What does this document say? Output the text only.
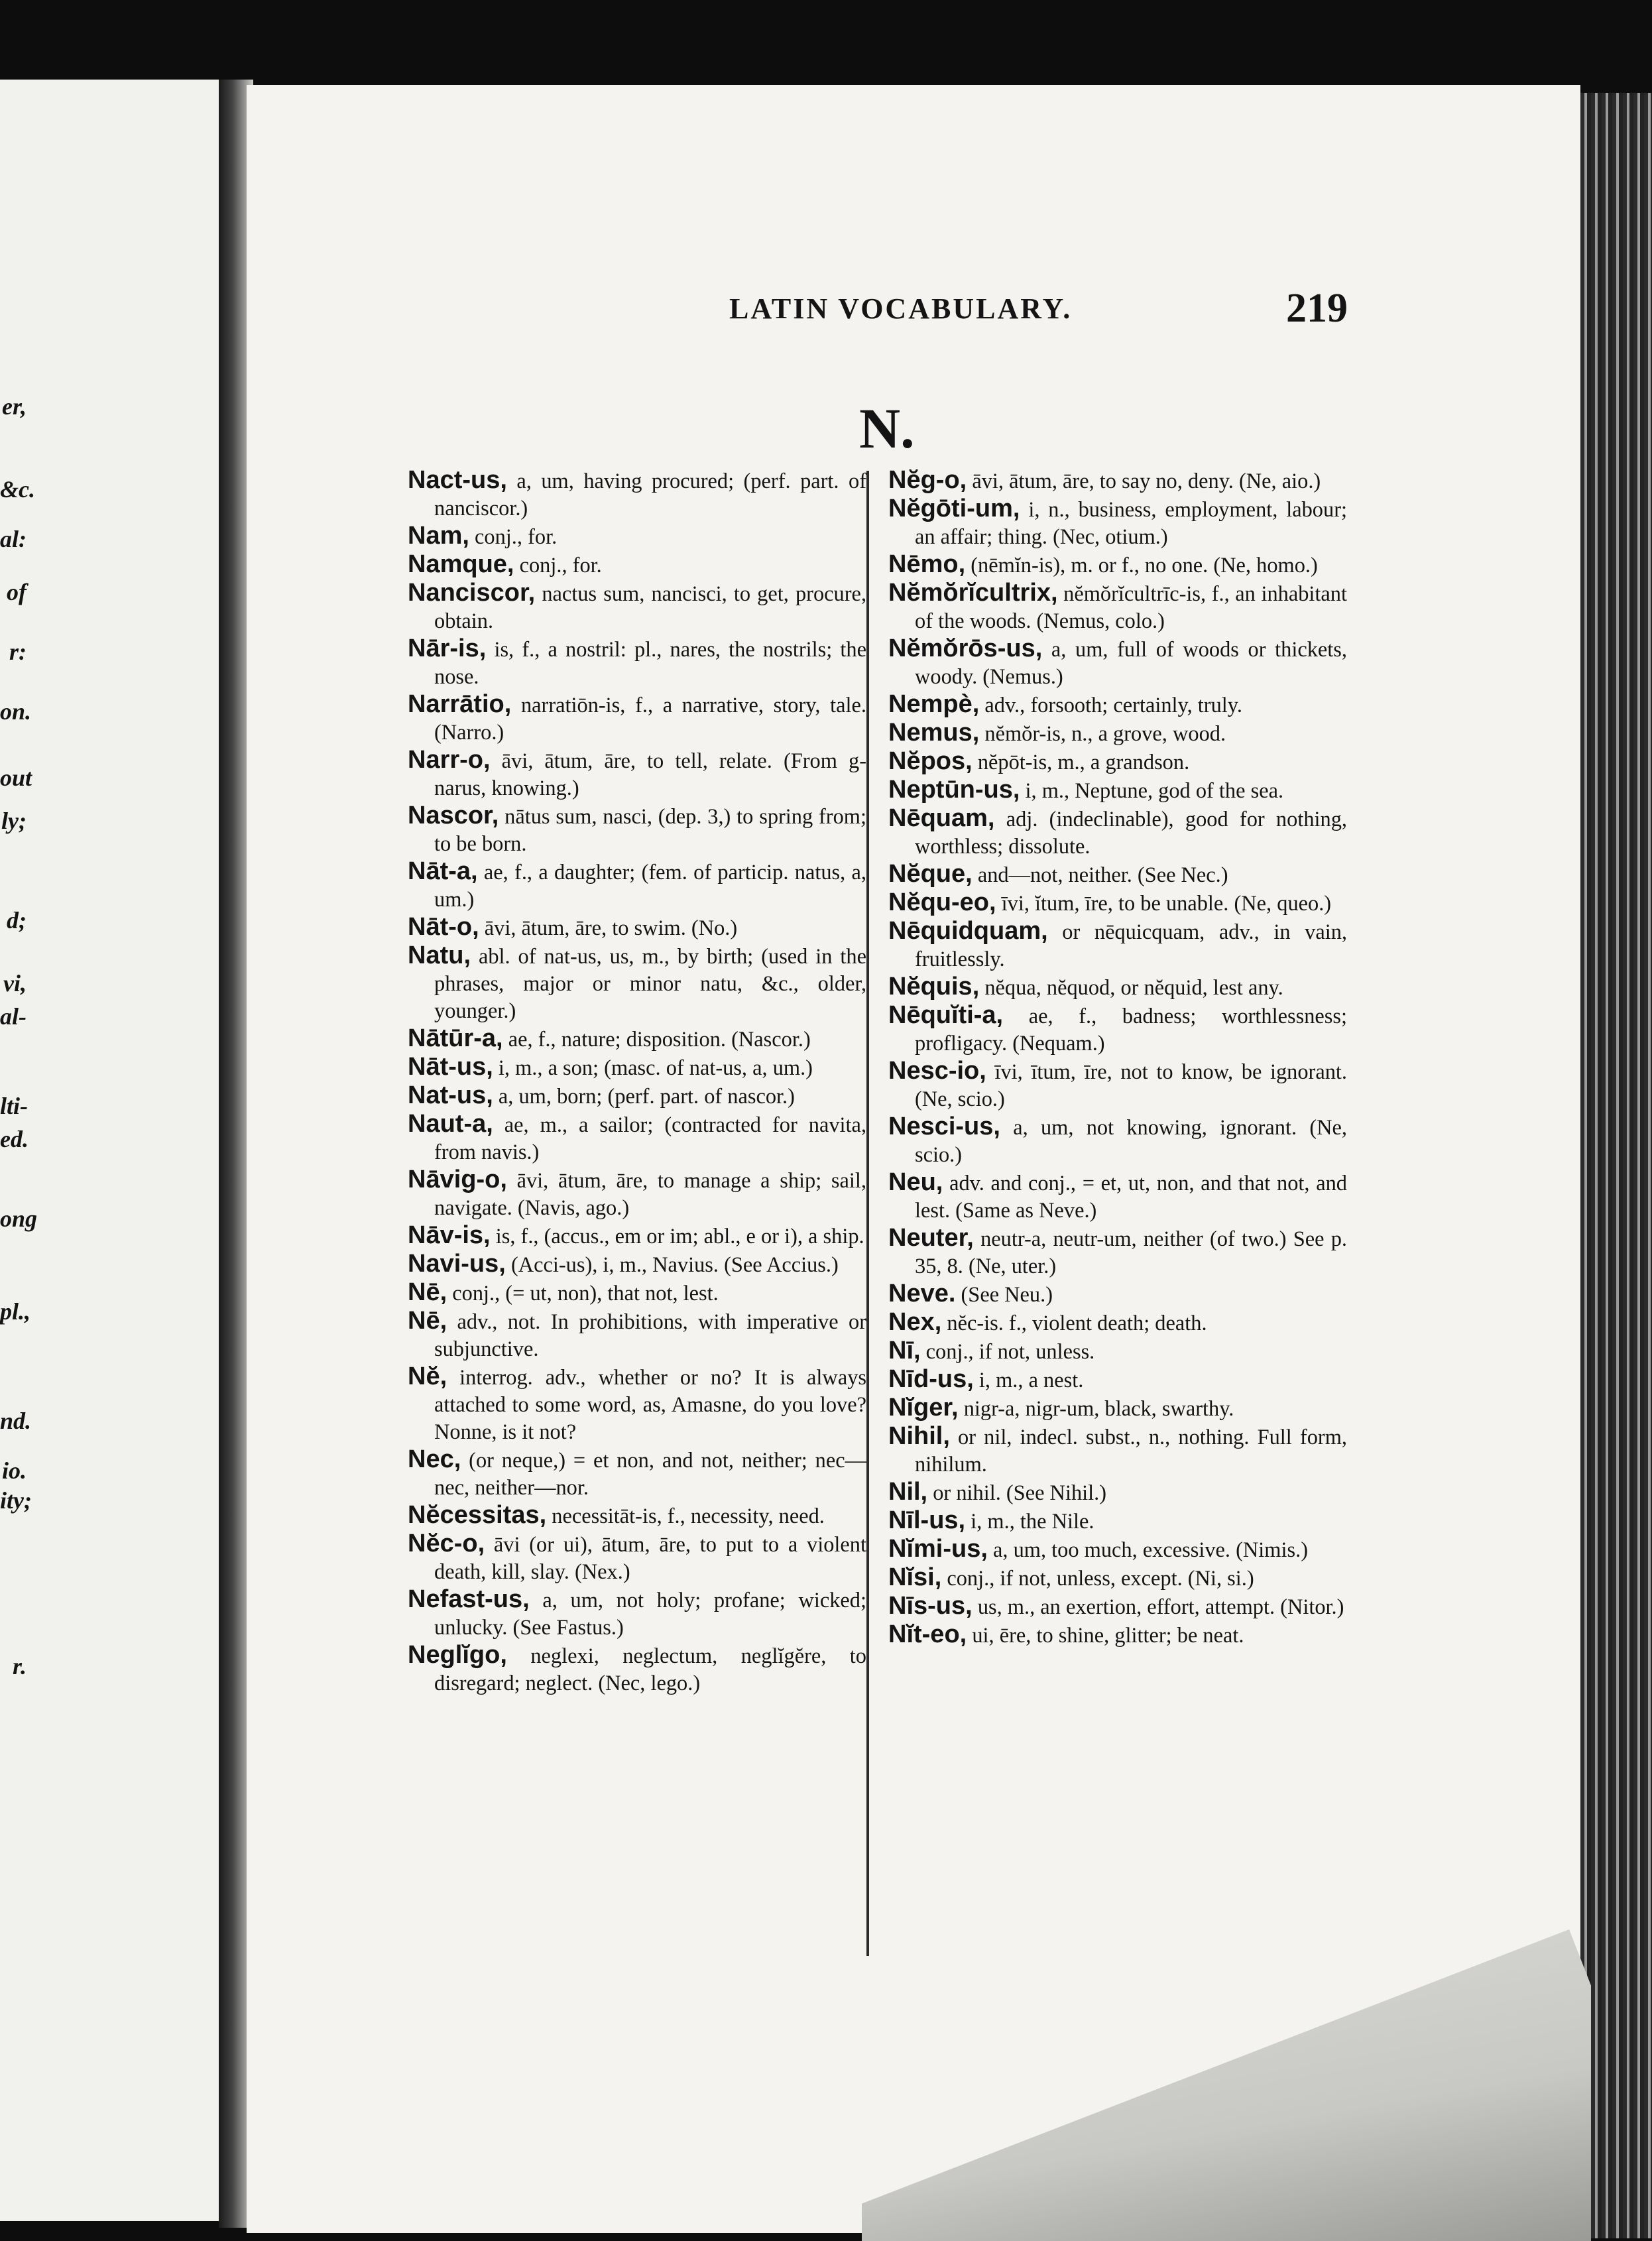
er,
&c.
al:
of
r:
on.
out
ly;
d;
vi,
al-
lti-
ed.
ong
pl.,
nd.
io.
ity;
r.
LATIN VOCABULARY.	219
N.

Nact-us, a, um, having procured; (perf. part. of nanciscor.)

Nam, conj., for.

Namque, conj., for.

Nanciscor, nactus sum, nancisci, to get, procure, obtain.

Nār-is, is, f., a nostril: pl., nares, the nostrils; the nose.

Narrātio, narratiōn-is, f., a narrative, story, tale. (Narro.)

Narr-o, āvi, ātum, āre, to tell, relate. (From g-narus, knowing.)

Nascor, nātus sum, nasci, (dep. 3,) to spring from; to be born.

Nāt-a, ae, f., a daughter; (fem. of particip. natus, a, um.)

Nāt-o, āvi, ātum, āre, to swim. (No.)

Natu, abl. of nat-us, us, m., by birth; (used in the phrases, major or minor natu, &c., older, younger.)

Nātūr-a, ae, f., nature; disposition. (Nascor.)

Nāt-us, i, m., a son; (masc. of nat-us, a, um.)

Nat-us, a, um, born; (perf. part. of nascor.)

Naut-a, ae, m., a sailor; (contracted for navita, from navis.)

Nāvig-o, āvi, ātum, āre, to manage a ship; sail, navigate. (Navis, ago.)

Nāv-is, is, f., (accus., em or im; abl., e or i), a ship.

Navi-us, (Acci-us), i, m., Navius. (See Accius.)

Nē, conj., (= ut, non), that not, lest.

Nē, adv., not. In prohibitions, with imperative or subjunctive.

Nĕ, interrog. adv., whether or no? It is always attached to some word, as, Amasne, do you love? Nonne, is it not?

Nec, (or neque,) = et non, and not, neither; nec—nec, neither—nor.

Nĕcessitas, necessitāt-is, f., necessity, need.

Nĕc-o, āvi (or ui), ātum, āre, to put to a violent death, kill, slay. (Nex.)

Nefast-us, a, um, not holy; profane; wicked; unlucky. (See Fastus.)

Neglĭgo, neglexi, neglectum, neglĭgĕre, to disregard; neglect. (Nec, lego.)

Nĕg-o, āvi, ātum, āre, to say no, deny. (Ne, aio.)

Nĕgōti-um, i, n., business, employment, labour; an affair; thing. (Nec, otium.)

Nēmo, (nēmĭn-is), m. or f., no one. (Ne, homo.)

Nĕmŏrĭcultrix, nĕmŏrĭcultrīc-is, f., an inhabitant of the woods. (Nemus, colo.)

Nĕmŏrōs-us, a, um, full of woods or thickets, woody. (Nemus.)

Nempè, adv., forsooth; certainly, truly.

Nemus, nĕmŏr-is, n., a grove, wood.

Nĕpos, nĕpōt-is, m., a grandson.

Neptūn-us, i, m., Neptune, god of the sea.

Nēquam, adj. (indeclinable), good for nothing, worthless; dissolute.

Nĕque, and—not, neither. (See Nec.)

Nĕqu-eo, īvi, ĭtum, īre, to be unable. (Ne, queo.)

Nēquidquam, or nēquicquam, adv., in vain, fruitlessly.

Nĕquis, nĕqua, nĕquod, or nĕquid, lest any.

Nēquĭti-a, ae, f., badness; worthlessness; profligacy. (Nequam.)

Nesc-io, īvi, ītum, īre, not to know, be ignorant. (Ne, scio.)

Nesci-us, a, um, not knowing, ignorant. (Ne, scio.)

Neu, adv. and conj., = et, ut, non, and that not, and lest. (Same as Neve.)

Neuter, neutr-a, neutr-um, neither (of two.) See p. 35, 8. (Ne, uter.)

Neve. (See Neu.)

Nex, nĕc-is. f., violent death; death.

Nī, conj., if not, unless.

Nīd-us, i, m., a nest.

Nĭger, nigr-a, nigr-um, black, swarthy.

Nihil, or nil, indecl. subst., n., nothing. Full form, nihilum.

Nil, or nihil. (See Nihil.)

Nīl-us, i, m., the Nile.

Nĭmi-us, a, um, too much, excessive. (Nimis.)

Nĭsi, conj., if not, unless, except. (Ni, si.)

Nīs-us, us, m., an exertion, effort, attempt. (Nitor.)

Nĭt-eo, ui, ēre, to shine, glitter; be neat.
